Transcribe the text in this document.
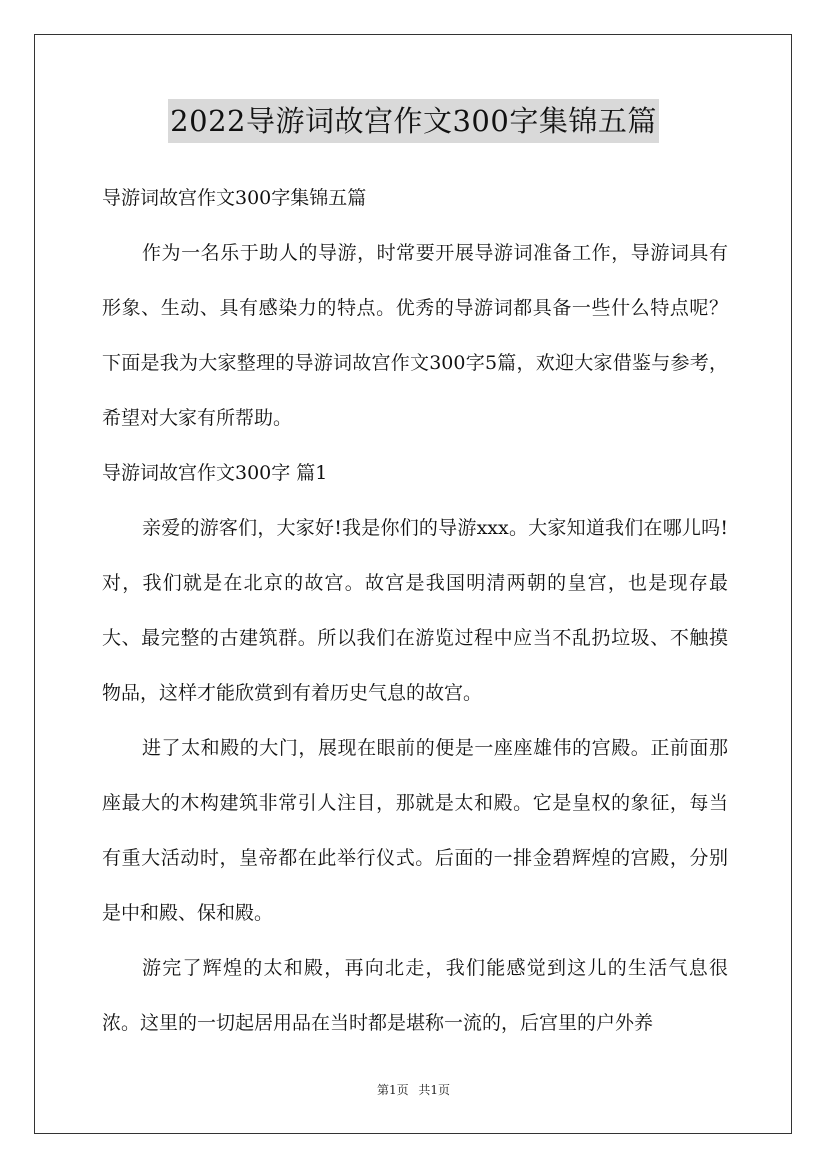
2022导游词故宫作文300字集锦五篇
导游词故宫作文300字集锦五篇

作为一名乐于助人的导游，时常要开展导游词准备工作，导游词具有形象、生动、具有感染力的特点。优秀的导游词都具备一些什么特点呢？下面是我为大家整理的导游词故宫作文300字5篇，欢迎大家借鉴与参考，希望对大家有所帮助。

导游词故宫作文300字 篇1

亲爱的游客们，大家好!我是你们的导游xxx。大家知道我们在哪儿吗!对，我们就是在北京的故宫。故宫是我国明清两朝的皇宫，也是现存最大、最完整的古建筑群。所以我们在游览过程中应当不乱扔垃圾、不触摸物品，这样才能欣赏到有着历史气息的故宫。

进了太和殿的大门，展现在眼前的便是一座座雄伟的宫殿。正前面那座最大的木构建筑非常引人注目，那就是太和殿。它是皇权的象征，每当有重大活动时，皇帝都在此举行仪式。后面的一排金碧辉煌的宫殿，分别是中和殿、保和殿。

游完了辉煌的太和殿，再向北走，我们能感觉到这儿的生活气息很浓。这里的一切起居用品在当时都是堪称一流的，后宫里的户外养

第1页 共1页
